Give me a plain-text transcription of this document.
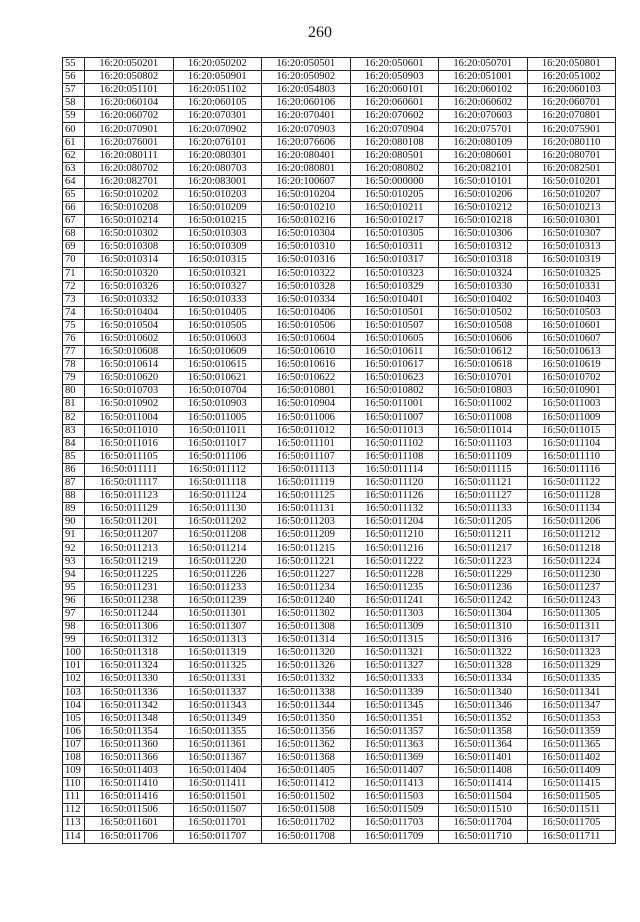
260
55	16:20:050201	16:20:050202	16:20:050501	16:20:050601	16:20:050701	16:20:050801
56	16:20:050802	16:20:050901	16:20:050902	16:20:050903	16:20:051001	16:20:051002
57	16:20:051101	16:20:051102	16:20:054803	16:20:060101	16:20:060102	16:20:060103
58	16:20:060104	16:20:060105	16:20:060106	16:20:060601	16:20:060602	16:20:060701
59	16:20:060702	16:20:070301	16:20:070401	16:20:070602	16:20:070603	16:20:070801
60	16:20:070901	16:20:070902	16:20:070903	16:20:070904	16:20:075701	16:20:075901
61	16:20:076001	16:20:076101	16:20:076606	16:20:080108	16:20:080109	16:20:080110
62	16:20:080111	16:20:080301	16:20:080401	16:20:080501	16:20:080601	16:20:080701
63	16:20:080702	16:20:080703	16:20:080801	16:20:080802	16:20:082101	16:20:082501
64	16:20:082701	16:20:083001	16:20:100607	16:50:000000	16:50:010101	16:50:010201
65	16:50:010202	16:50:010203	16:50:010204	16:50:010205	16:50:010206	16:50:010207
66	16:50:010208	16:50:010209	16:50:010210	16:50:010211	16:50:010212	16:50:010213
67	16:50:010214	16:50:010215	16:50:010216	16:50:010217	16:50:010218	16:50:010301
68	16:50:010302	16:50:010303	16:50:010304	16:50:010305	16:50:010306	16:50:010307
69	16:50:010308	16:50:010309	16:50:010310	16:50:010311	16:50:010312	16:50:010313
70	16:50:010314	16:50:010315	16:50:010316	16:50:010317	16:50:010318	16:50:010319
71	16:50:010320	16:50:010321	16:50:010322	16:50:010323	16:50:010324	16:50:010325
72	16:50:010326	16:50:010327	16:50:010328	16:50:010329	16:50:010330	16:50:010331
73	16:50:010332	16:50:010333	16:50:010334	16:50:010401	16:50:010402	16:50:010403
74	16:50:010404	16:50:010405	16:50:010406	16:50:010501	16:50:010502	16:50:010503
75	16:50:010504	16:50:010505	16:50:010506	16:50:010507	16:50:010508	16:50:010601
76	16:50:010602	16:50:010603	16:50:010604	16:50:010605	16:50:010606	16:50:010607
77	16:50:010608	16:50:010609	16:50:010610	16:50:010611	16:50:010612	16:50:010613
78	16:50:010614	16:50:010615	16:50:010616	16:50:010617	16:50:010618	16:50:010619
79	16:50:010620	16:50:010621	16:50:010622	16:50:010623	16:50:010701	16:50:010702
80	16:50:010703	16:50:010704	16:50:010801	16:50:010802	16:50:010803	16:50:010901
81	16:50:010902	16:50:010903	16:50:010904	16:50:011001	16:50:011002	16:50:011003
82	16:50:011004	16:50:011005	16:50:011006	16:50:011007	16:50:011008	16:50:011009
83	16:50:011010	16:50:011011	16:50:011012	16:50:011013	16:50:011014	16:50:011015
84	16:50:011016	16:50:011017	16:50:011101	16:50:011102	16:50:011103	16:50:011104
85	16:50:011105	16:50:011106	16:50:011107	16:50:011108	16:50:011109	16:50:011110
86	16:50:011111	16:50:011112	16:50:011113	16:50:011114	16:50:011115	16:50:011116
87	16:50:011117	16:50:011118	16:50:011119	16:50:011120	16:50:011121	16:50:011122
88	16:50:011123	16:50:011124	16:50:011125	16:50:011126	16:50:011127	16:50:011128
89	16:50:011129	16:50:011130	16:50:011131	16:50:011132	16:50:011133	16:50:011134
90	16:50:011201	16:50:011202	16:50:011203	16:50:011204	16:50:011205	16:50:011206
91	16:50:011207	16:50:011208	16:50:011209	16:50:011210	16:50:011211	16:50:011212
92	16:50:011213	16:50:011214	16:50:011215	16:50:011216	16:50:011217	16:50:011218
93	16:50:011219	16:50:011220	16:50:011221	16:50:011222	16:50:011223	16:50:011224
94	16:50:011225	16:50:011226	16:50:011227	16:50:011228	16:50:011229	16:50:011230
95	16:50:011231	16:50:011233	16:50:011234	16:50:011235	16:50:011236	16:50:011237
96	16:50:011238	16:50:011239	16:50:011240	16:50:011241	16:50:011242	16:50:011243
97	16:50:011244	16:50:011301	16:50:011302	16:50:011303	16:50:011304	16:50:011305
98	16:50:011306	16:50:011307	16:50:011308	16:50:011309	16:50:011310	16:50:011311
99	16:50:011312	16:50:011313	16:50:011314	16:50:011315	16:50:011316	16:50:011317
100	16:50:011318	16:50:011319	16:50:011320	16:50:011321	16:50:011322	16:50:011323
101	16:50:011324	16:50:011325	16:50:011326	16:50:011327	16:50:011328	16:50:011329
102	16:50:011330	16:50:011331	16:50:011332	16:50:011333	16:50:011334	16:50:011335
103	16:50:011336	16:50:011337	16:50:011338	16:50:011339	16:50:011340	16:50:011341
104	16:50:011342	16:50:011343	16:50:011344	16:50:011345	16:50:011346	16:50:011347
105	16:50:011348	16:50:011349	16:50:011350	16:50:011351	16:50:011352	16:50:011353
106	16:50:011354	16:50:011355	16:50:011356	16:50:011357	16:50:011358	16:50:011359
107	16:50:011360	16:50:011361	16:50:011362	16:50:011363	16:50:011364	16:50:011365
108	16:50:011366	16:50:011367	16:50:011368	16:50:011369	16:50:011401	16:50:011402
109	16:50:011403	16:50:011404	16:50:011405	16:50:011407	16:50:011408	16:50:011409
110	16:50:011410	16:50:011411	16:50:011412	16:50:011413	16:50:011414	16:50:011415
111	16:50:011416	16:50:011501	16:50:011502	16:50:011503	16:50:011504	16:50:011505
112	16:50:011506	16:50:011507	16:50:011508	16:50:011509	16:50:011510	16:50:011511
113	16:50:011601	16:50:011701	16:50:011702	16:50:011703	16:50:011704	16:50:011705
114	16:50:011706	16:50:011707	16:50:011708	16:50:011709	16:50:011710	16:50:011711
